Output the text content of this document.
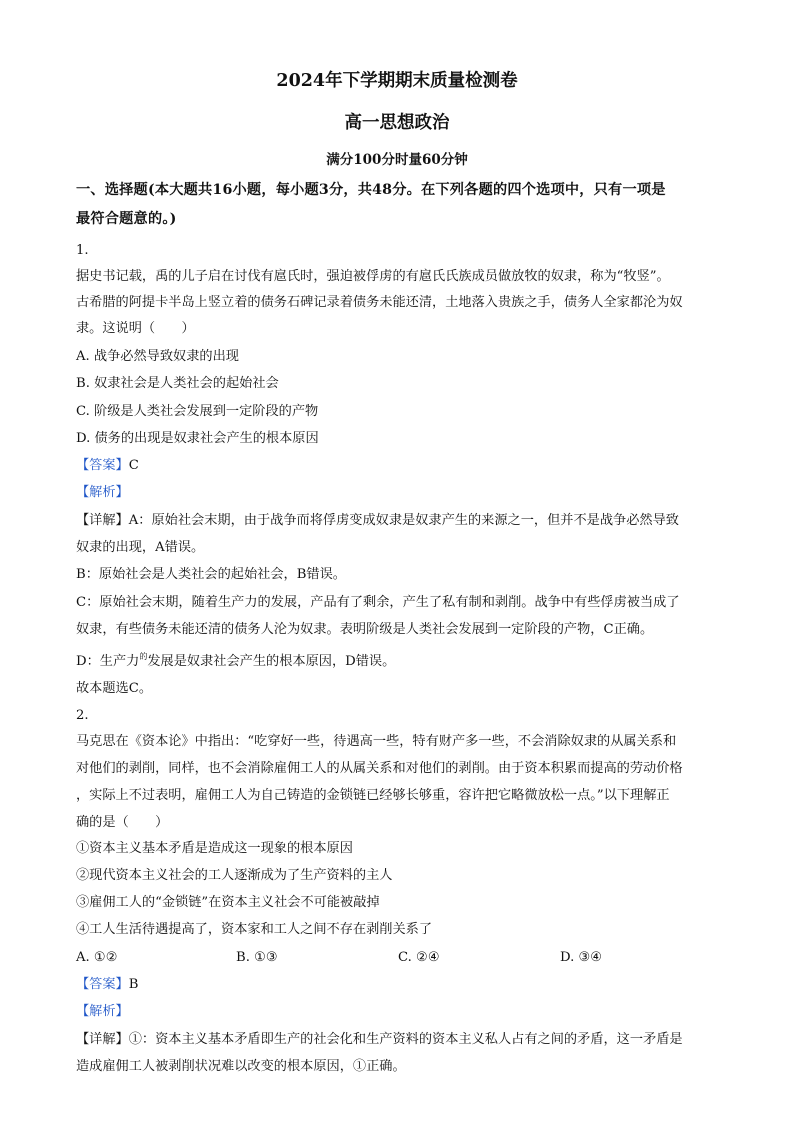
2024年下学期期末质量检测卷
高一思想政治
满分100分时量60分钟
一、选择题(本大题共16小题，每小题3分，共48分。在下列各题的四个选项中，只有一项是
最符合题意的。)
1.
据史书记载，禹的儿子启在讨伐有扈氏时，强迫被俘虏的有扈氏氏族成员做放牧的奴隶，称为“牧竖”。
古希腊的阿提卡半岛上竖立着的债务石碑记录着债务未能还清，土地落入贵族之手，债务人全家都沦为奴
隶。这说明（　　）
A. 战争必然导致奴隶的出现
B. 奴隶社会是人类社会的起始社会
C. 阶级是人类社会发展到一定阶段的产物
D. 债务的出现是奴隶社会产生的根本原因
【答案】C
【解析】
【详解】A：原始社会末期，由于战争而将俘虏变成奴隶是奴隶产生的来源之一，但并不是战争必然导致
奴隶的出现，A错误。
B：原始社会是人类社会的起始社会，B错误。
C：原始社会末期，随着生产力的发展，产品有了剩余，产生了私有制和剥削。战争中有些俘虏被当成了
奴隶，有些债务未能还清的债务人沦为奴隶。表明阶级是人类社会发展到一定阶段的产物，C正确。
D：生产力$^的$发展是奴隶社会产生的根本原因，D错误。
故本题选C。
2.
马克思在《资本论》中指出：“吃穿好一些，待遇高一些，特有财产多一些，不会消除奴隶的从属关系和
对他们的剥削，同样，也不会消除雇佣工人的从属关系和对他们的剥削。由于资本积累而提高的劳动价格
，实际上不过表明，雇佣工人为自己铸造的金锁链已经够长够重，容许把它略微放松一点。”以下理解正
确的是（　　）
①资本主义基本矛盾是造成这一现象的根本原因
②现代资本主义社会的工人逐渐成为了生产资料的主人
③雇佣工人的“金锁链”在资本主义社会不可能被敲掉
④工人生活待遇提高了，资本家和工人之间不存在剥削关系了
A. ①②	B. ①③	C. ②④	D. ③④
【答案】B
【解析】
【详解】①：资本主义基本矛盾即生产的社会化和生产资料的资本主义私人占有之间的矛盾，这一矛盾是
造成雇佣工人被剥削状况难以改变的根本原因，①正确。
